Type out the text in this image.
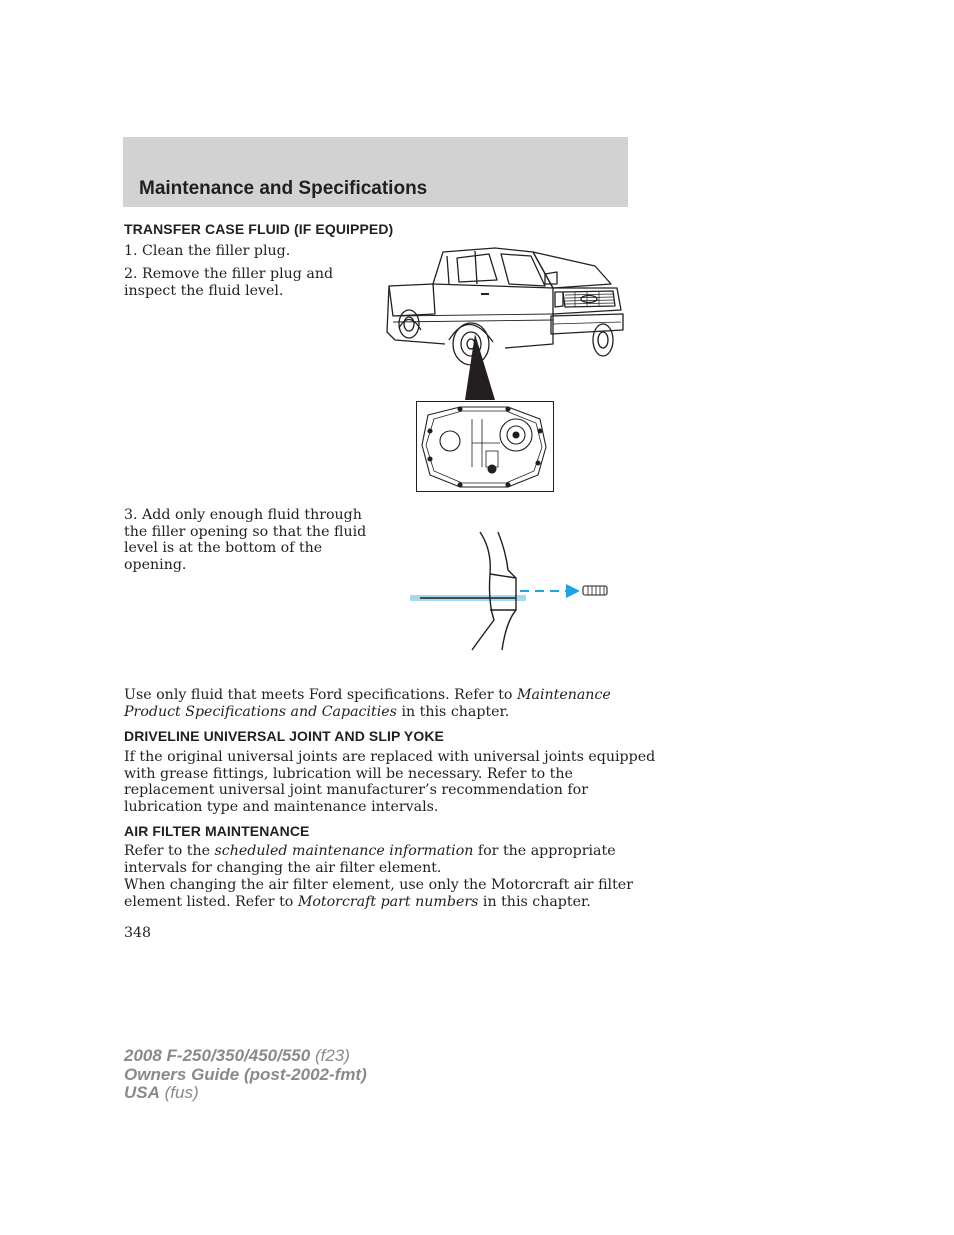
Maintenance and Specifications
TRANSFER CASE FLUID (IF EQUIPPED)
1. Clean the filler plug.
2. Remove the filler plug and
inspect the fluid level.
3. Add only enough fluid through
the filler opening so that the fluid
level is at the bottom of the
opening.
Use only fluid that meets Ford specifications. Refer to Maintenance
Product Specifications and Capacities in this chapter.
DRIVELINE UNIVERSAL JOINT AND SLIP YOKE
If the original universal joints are replaced with universal joints equipped
with grease fittings, lubrication will be necessary. Refer to the
replacement universal joint manufacturer’s recommendation for
lubrication type and maintenance intervals.
AIR FILTER MAINTENANCE
Refer to the scheduled maintenance information for the appropriate
intervals for changing the air filter element.
When changing the air filter element, use only the Motorcraft air filter
element listed. Refer to Motorcraft part numbers in this chapter.
348
2008 F-250/350/450/550 (f23)
Owners Guide (post-2002-fmt)
USA (fus)
